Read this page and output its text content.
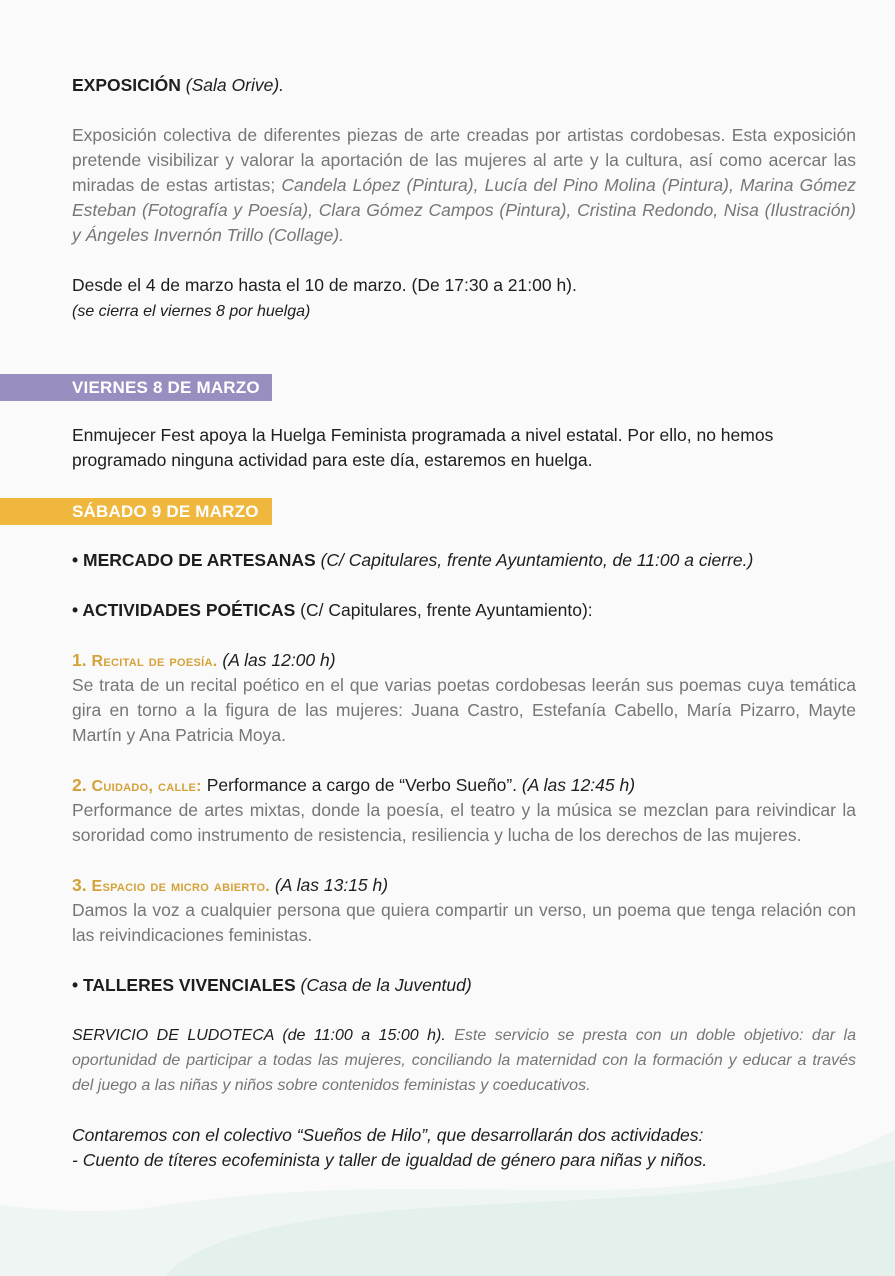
VIERNES 8 DE MARZO
SÁBADO 9 DE MARZO

EXPOSICIÓN (Sala Orive).

Exposición colectiva de diferentes piezas de arte creadas por artistas cordobesas. Esta exposición pretende visibilizar y valorar la aportación de las mujeres al arte y la cultura, así como acercar las miradas de estas artistas; Candela López (Pintura), Lucía del Pino Molina (Pintura), Marina Gómez Esteban (Fotografía y Poesía), Clara Gómez Campos (Pintura), Cristina Redondo, Nisa (Ilustración) y Ángeles Invernón Trillo (Collage).

Desde el 4 de marzo hasta el 10 de marzo. (De 17:30 a 21:00 h).

(se cierra el viernes 8 por huelga)

Enmujecer Fest apoya la Huelga Feminista programada a nivel estatal. Por ello, no hemos programado ninguna actividad para este día, estaremos en huelga.

• MERCADO DE ARTESANAS (C/ Capitulares, frente Ayuntamiento, de 11:00 a cierre.)

• ACTIVIDADES POÉTICAS (C/ Capitulares, frente Ayuntamiento):

1. Recital de poesía. (A las 12:00 h)

Se trata de un recital poético en el que varias poetas cordobesas leerán sus poemas cuya temática gira en torno a la figura de las mujeres: Juana Castro, Estefanía Cabello, María Pizarro, Mayte Martín y Ana Patricia Moya.

2. Cuidado, calle: Performance a cargo de “Verbo Sueño”. (A las 12:45 h)

Performance de artes mixtas, donde la poesía, el teatro y la música se mezclan para reivindicar la sororidad como instrumento de resistencia, resiliencia y lucha de los derechos de las mujeres.

3. Espacio de micro abierto. (A las 13:15 h)

Damos la voz a cualquier persona que quiera compartir un verso, un poema que tenga relación con las reivindicaciones feministas.

• TALLERES VIVENCIALES (Casa de la Juventud)

SERVICIO DE LUDOTECA (de 11:00 a 15:00 h). Este servicio se presta con un doble objetivo: dar la oportunidad de participar a todas las mujeres, conciliando la maternidad con la formación y educar a través del juego a las niñas y niños sobre contenidos feministas y coeducativos.

Contaremos con el colectivo “Sueños de Hilo”, que desarrollarán dos actividades:

- Cuento de títeres ecofeminista y taller de igualdad de género para niñas y niños.
